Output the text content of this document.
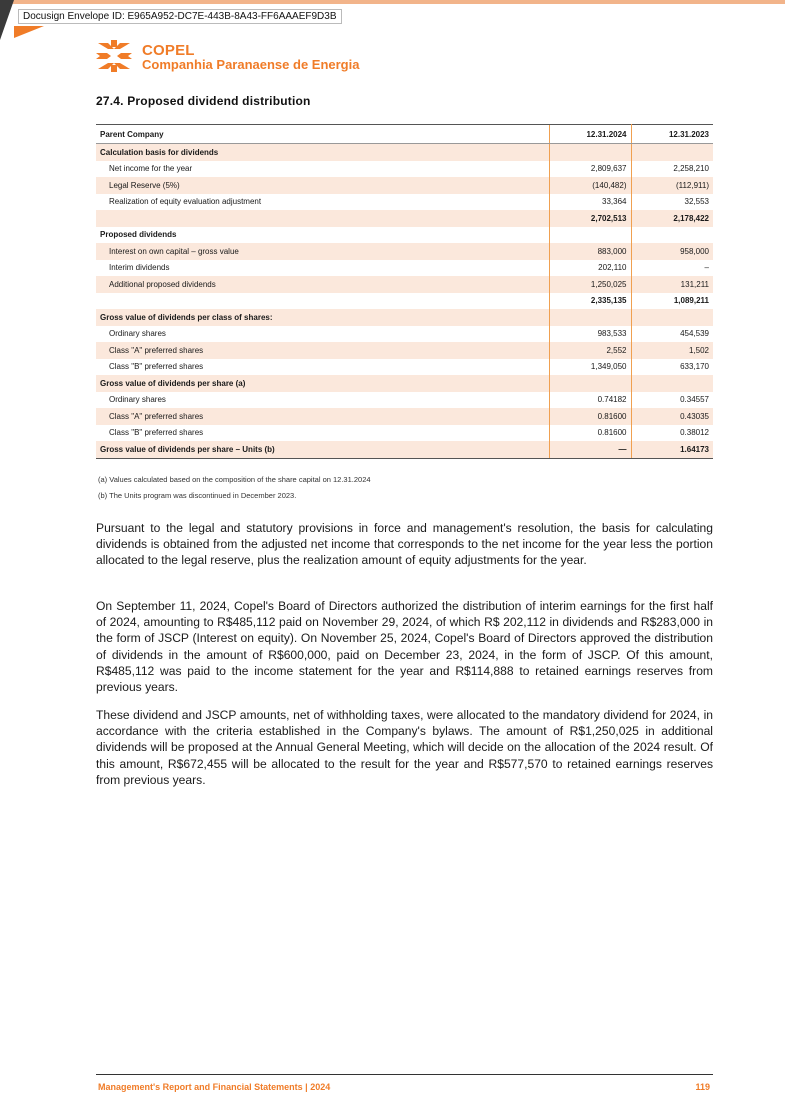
Docusign Envelope ID: E965A952-DC7E-443B-8A43-FF6AAAEF9D3B
COPEL
Companhia Paranaense de Energia
27.4. Proposed dividend distribution
Parent Company	12.31.2024	12.31.2023
Calculation basis for dividends		
Net income for the year	2,809,637	2,258,210
Legal Reserve (5%)	(140,482)	(112,911)
Realization of equity evaluation adjustment	33,364	32,553
	2,702,513	2,178,422
Proposed dividends		
Interest on own capital – gross value	883,000	958,000
Interim dividends	202,110	–
Additional proposed dividends	1,250,025	131,211
	2,335,135	1,089,211
Gross value of dividends per class of shares:		
Ordinary shares	983,533	454,539
Class "A" preferred shares	2,552	1,502
Class "B" preferred shares	1,349,050	633,170
Gross value of dividends per share (a)		
Ordinary shares	0.74182	0.34557
Class "A" preferred shares	0.81600	0.43035
Class "B" preferred shares	0.81600	0.38012
Gross value of dividends per share – Units (b)	—	1.64173
(a) Values calculated based on the composition of the share capital on 12.31.2024
(b) The Units program was discontinued in December 2023.

Pursuant to the legal and statutory provisions in force and management's resolution, the basis for calculating dividends is obtained from the adjusted net income that corresponds to the net income for the year less the portion allocated to the legal reserve, plus the realization amount of equity adjustments for the year.

On September 11, 2024, Copel's Board of Directors authorized the distribution of interim earnings for the first half of 2024, amounting to R$485,112 paid on November 29, 2024, of which R$ 202,112 in dividends and R$283,000 in the form of JSCP (Interest on equity). On November 25, 2024, Copel's Board of Directors approved the distribution of dividends in the amount of R$600,000, paid on December 23, 2024, in the form of JSCP. Of this amount, R$485,112 was paid to the income statement for the year and R$114,888 to retained earnings reserves from previous years.

These dividend and JSCP amounts, net of withholding taxes, were allocated to the mandatory dividend for 2024, in accordance with the criteria established in the Company's bylaws. The amount of R$1,250,025 in additional dividends will be proposed at the Annual General Meeting, which will decide on the allocation of the 2024 result. Of this amount, R$672,455 will be allocated to the result for the year and R$577,570 to retained earnings reserves from previous years.

Management's Report and Financial Statements | 2024	119
